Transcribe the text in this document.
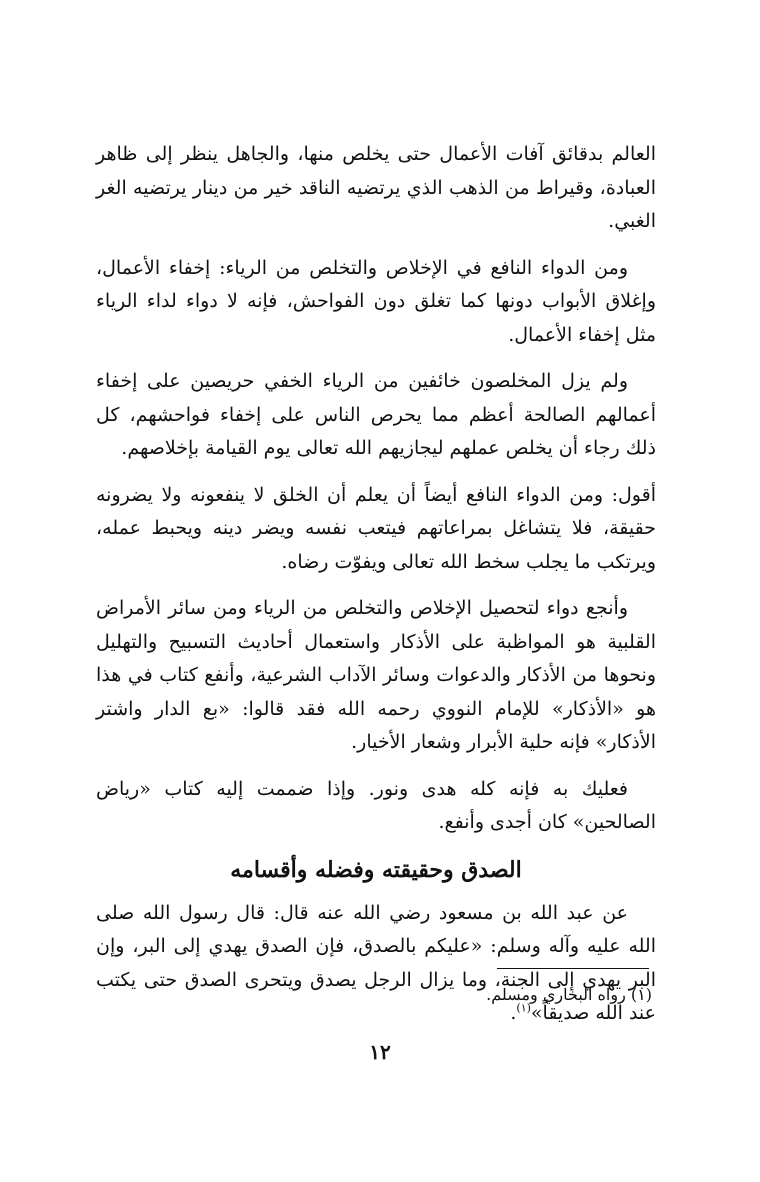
العالم بدقائق آفات الأعمال حتى يخلص منها، والجاهل ينظر إلى ظاهر العبادة، وقيراط من الذهب الذي يرتضيه الناقد خير من دينار يرتضيه الغر الغبي.

ومن الدواء النافع في الإخلاص والتخلص من الرياء: إخفاء الأعمال، وإغلاق الأبواب دونها كما تغلق دون الفواحش، فإنه لا دواء لداء الرياء مثل إخفاء الأعمال.

ولم يزل المخلصون خائفين من الرياء الخفي حريصين على إخفاء أعمالهم الصالحة أعظم مما يحرص الناس على إخفاء فواحشهم، كل ذلك رجاء أن يخلص عملهم ليجازيهم الله تعالى يوم القيامة بإخلاصهم.

أقول: ومن الدواء النافع أيضاً أن يعلم أن الخلق لا ينفعونه ولا يضرونه حقيقة، فلا يتشاغل بمراعاتهم فيتعب نفسه ويضر دينه ويحبط عمله، ويرتكب ما يجلب سخط الله تعالى ويفوّت رضاه.

وأنجع دواء لتحصيل الإخلاص والتخلص من الرياء ومن سائر الأمراض القلبية هو المواظبة على الأذكار واستعمال أحاديث التسبيح والتهليل ونحوها من الأذكار والدعوات وسائر الآداب الشرعية، وأنفع كتاب في هذا هو «الأذكار» للإمام النووي رحمه الله فقد قالوا: «بع الدار واشتر الأذكار» فإنه حلية الأبرار وشعار الأخيار.

فعليك به فإنه كله هدى ونور. وإذا ضممت إليه كتاب «رياض الصالحين» كان أجدى وأنفع.

الصدق وحقيقته وفضله وأقسامه

عن عبد الله بن مسعود رضي الله عنه قال: قال رسول الله صلى الله عليه وآله وسلم: «عليكم بالصدق، فإن الصدق يهدي إلى البر، وإن البر يهدي إلى الجنة، وما يزال الرجل يصدق ويتحرى الصدق حتى يكتب عند الله صديقاً»$^{(١)}$.

(١) رواه البخاري ومسلم.
١٢
